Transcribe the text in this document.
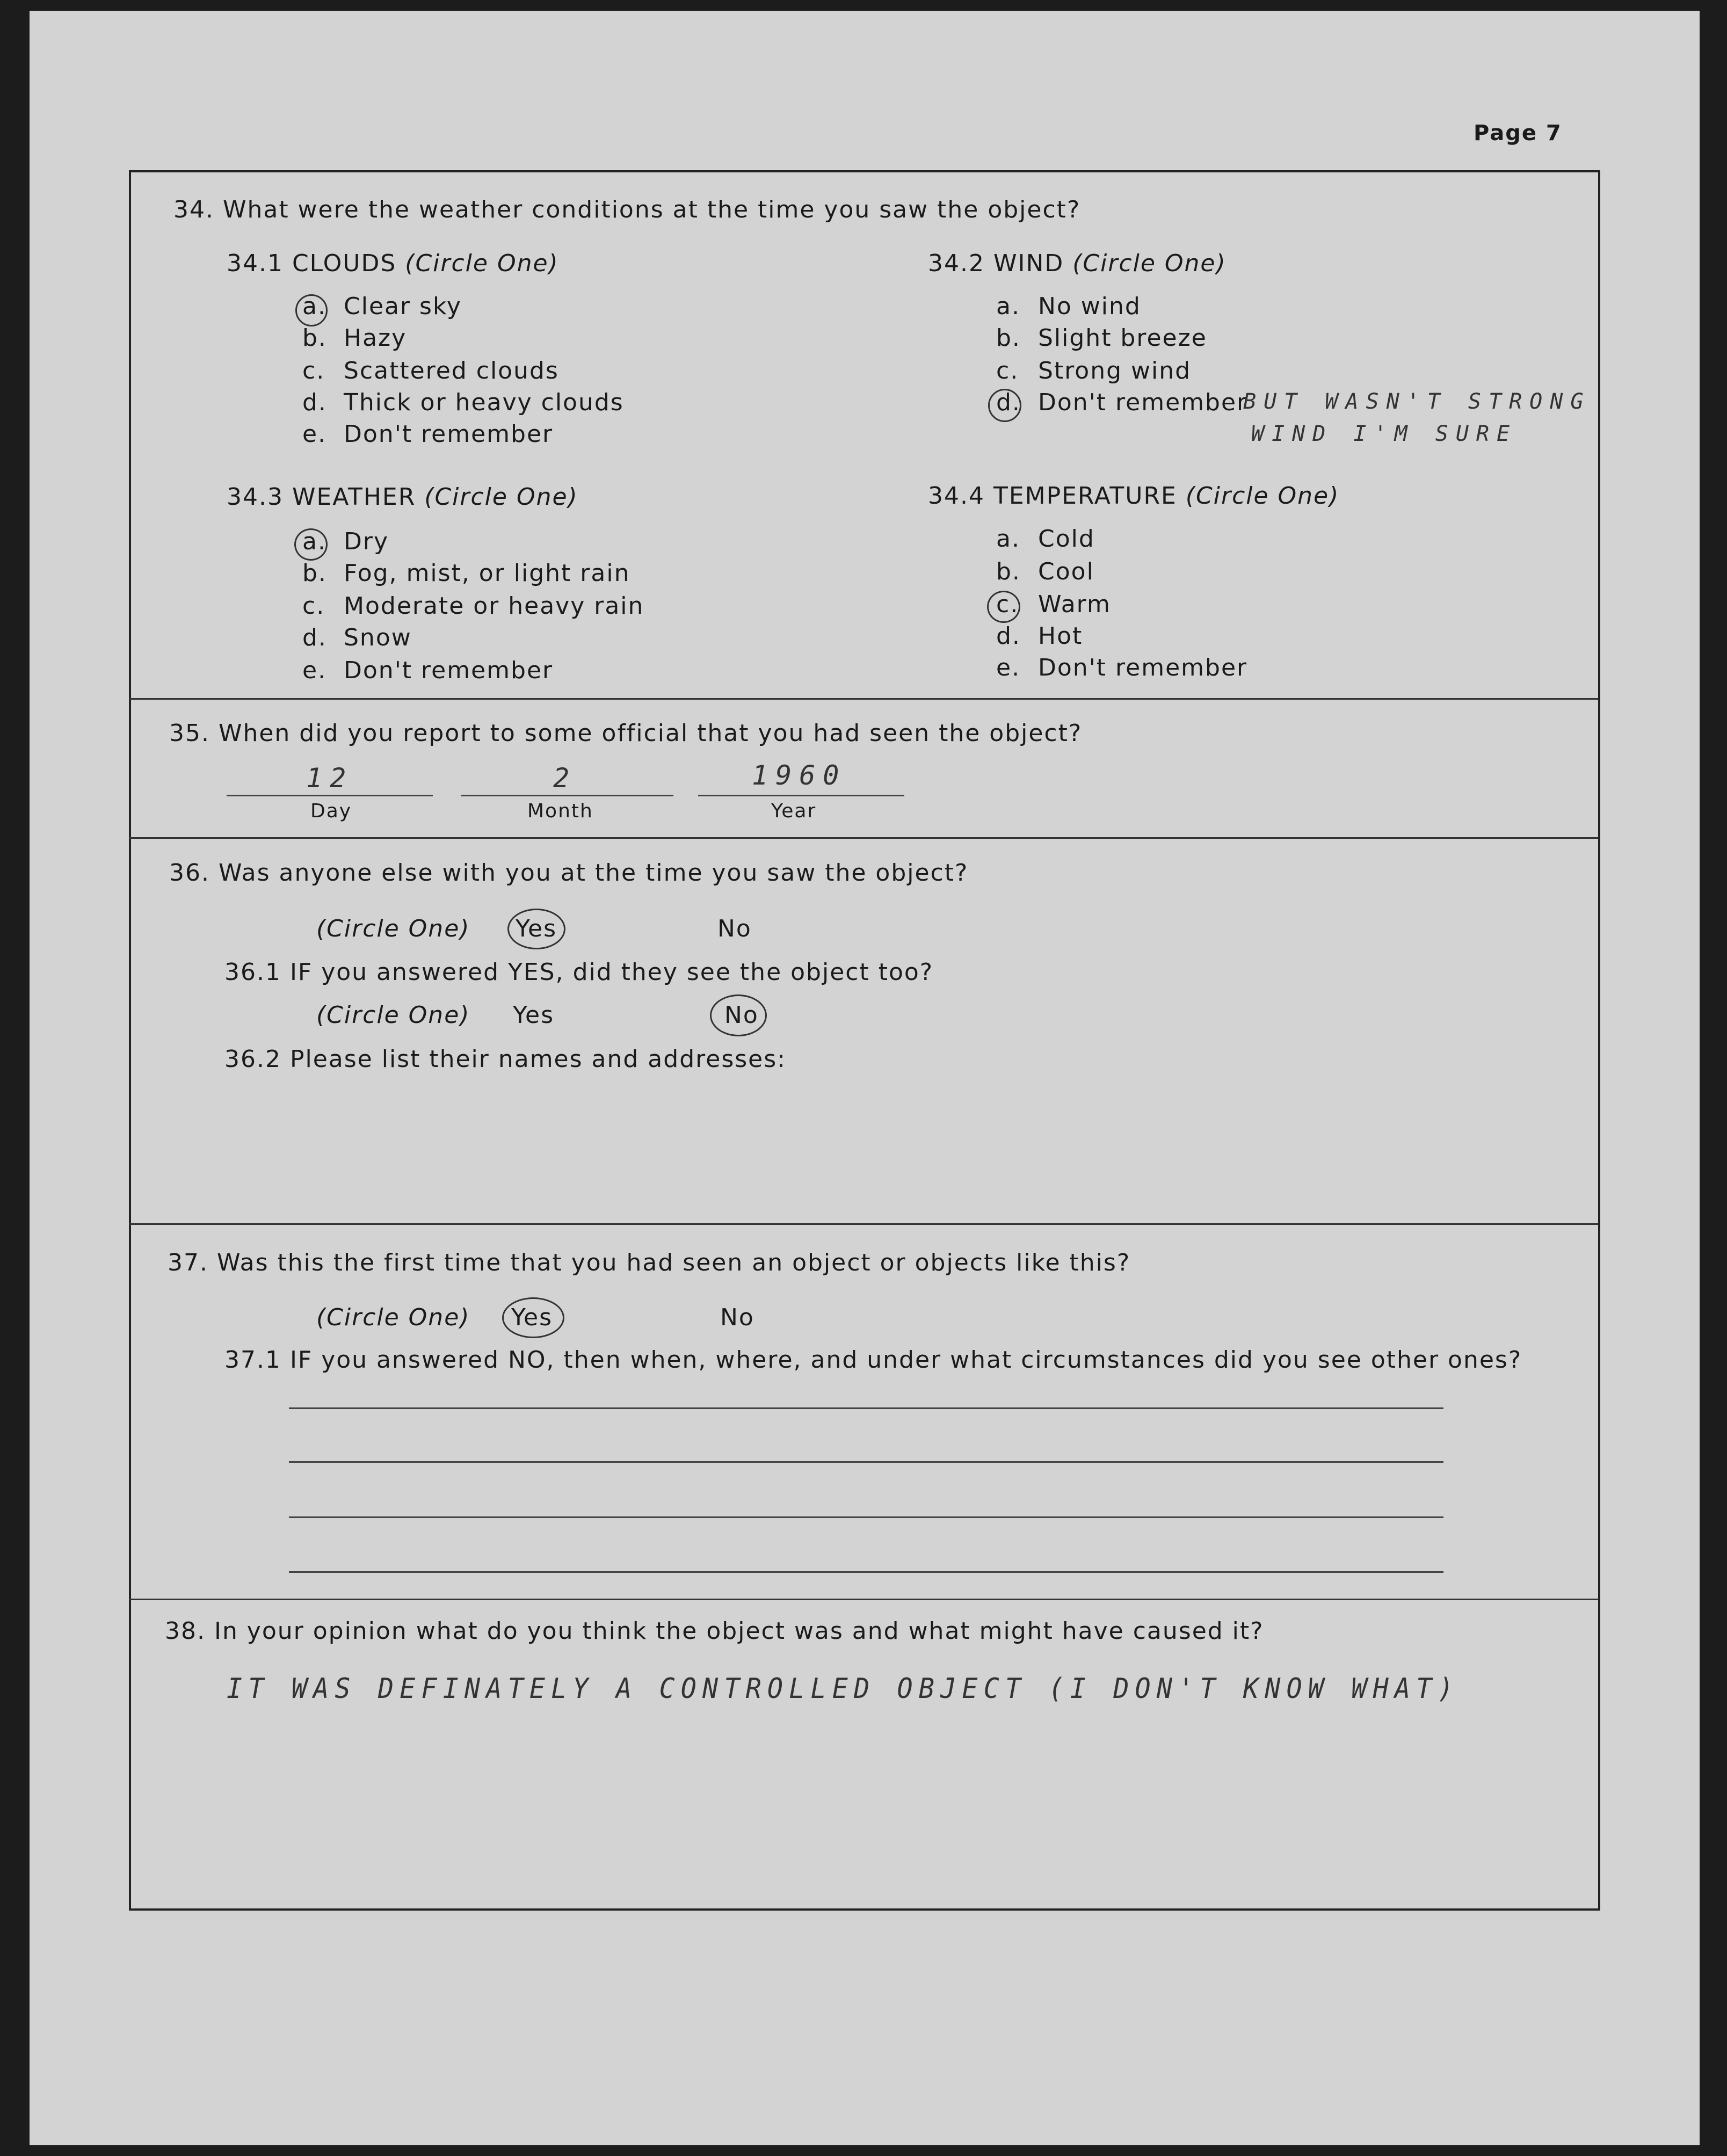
Page 7
34. What were the weather conditions at the time you saw the object?
34.1 CLOUDS (Circle One)
a. Clear sky
b. Hazy
c. Scattered clouds
d. Thick or heavy clouds
e. Don't remember
34.2 WIND (Circle One)
a. No wind
b. Slight breeze
c. Strong wind
d. Don't remember
BUT WASN'T STRONG
WIND I'M SURE
34.3 WEATHER (Circle One)
a. Dry
b. Fog, mist, or light rain
c. Moderate or heavy rain
d. Snow
e. Don't remember
34.4 TEMPERATURE (Circle One)
a. Cold
b. Cool
c. Warm
d. Hot
e. Don't remember
35. When did you report to some official that you had seen the object?
12	2	1960
Day	Month	Year
36. Was anyone else with you at the time you saw the object?
(Circle One) Yes	No
36.1 IF you answered YES, did they see the object too?
(Circle One) Yes	No
36.2 Please list their names and addresses:
37. Was this the first time that you had seen an object or objects like this?
(Circle One) Yes	No
37.1 IF you answered NO, then when, where, and under what circumstances did you see other ones?
38. In your opinion what do you think the object was and what might have caused it?
IT WAS DEFINATELY A CONTROLLED OBJECT (I DON'T KNOW WHAT)
